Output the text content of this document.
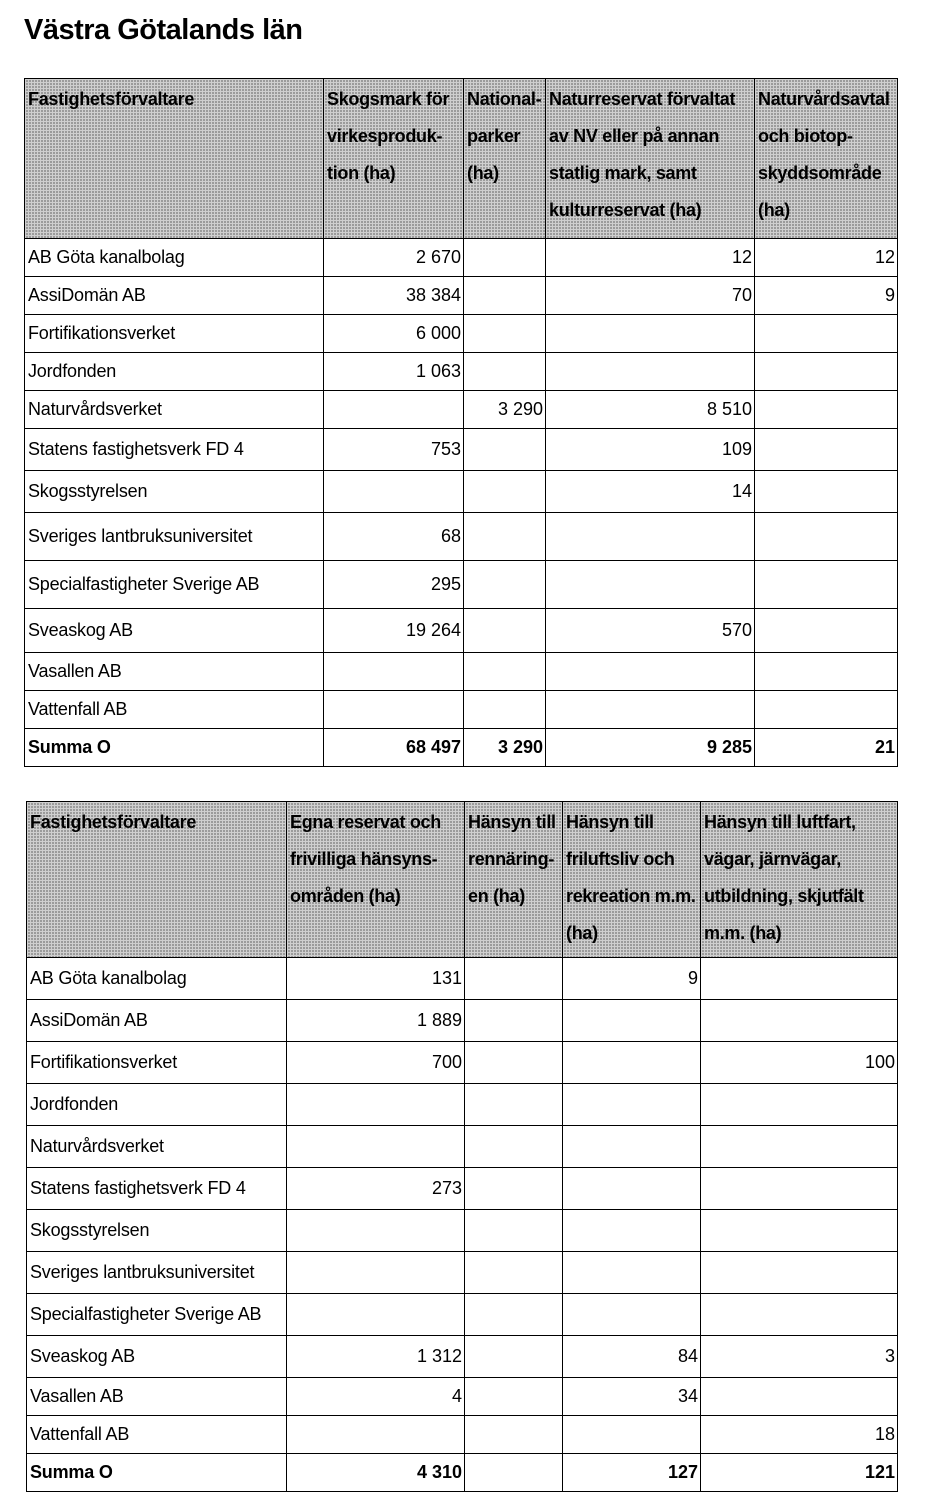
Västra Götalands län
Fastighetsförvaltare	Skogsmark för virkesproduk-tion (ha)	National-parker (ha)	Naturreservat förvaltat av NV eller på annan statlig mark, samt kulturreservat (ha)	Naturvårdsavtal och biotop-skyddsområde (ha)
AB Göta kanalbolag	2 670		12	12
AssiDomän AB	38 384		70	9
Fortifikationsverket	6 000			
Jordfonden	1 063			
Naturvårdsverket		3 290	8 510	
Statens fastighetsverk FD 4	753		109	
Skogsstyrelsen			14	
Sveriges lantbruksuniversitet	68			
Specialfastigheter Sverige AB	295			
Sveaskog AB	19 264		570	
Vasallen AB				
Vattenfall AB				
Summa O	68 497	3 290	9 285	21
Fastighetsförvaltare	Egna reservat och frivilliga hänsyns-områden (ha)	Hänsyn till rennäring-en (ha)	Hänsyn till friluftsliv och rekreation m.m. (ha)	Hänsyn till luftfart, vägar, järnvägar, utbildning, skjutfält m.m. (ha)
AB Göta kanalbolag	131		9	
AssiDomän AB	1 889			
Fortifikationsverket	700			100
Jordfonden				
Naturvårdsverket				
Statens fastighetsverk FD 4	273			
Skogsstyrelsen				
Sveriges lantbruksuniversitet				
Specialfastigheter Sverige AB				
Sveaskog AB	1 312		84	3
Vasallen AB	4		34	
Vattenfall AB				18
Summa O	4 310		127	121
